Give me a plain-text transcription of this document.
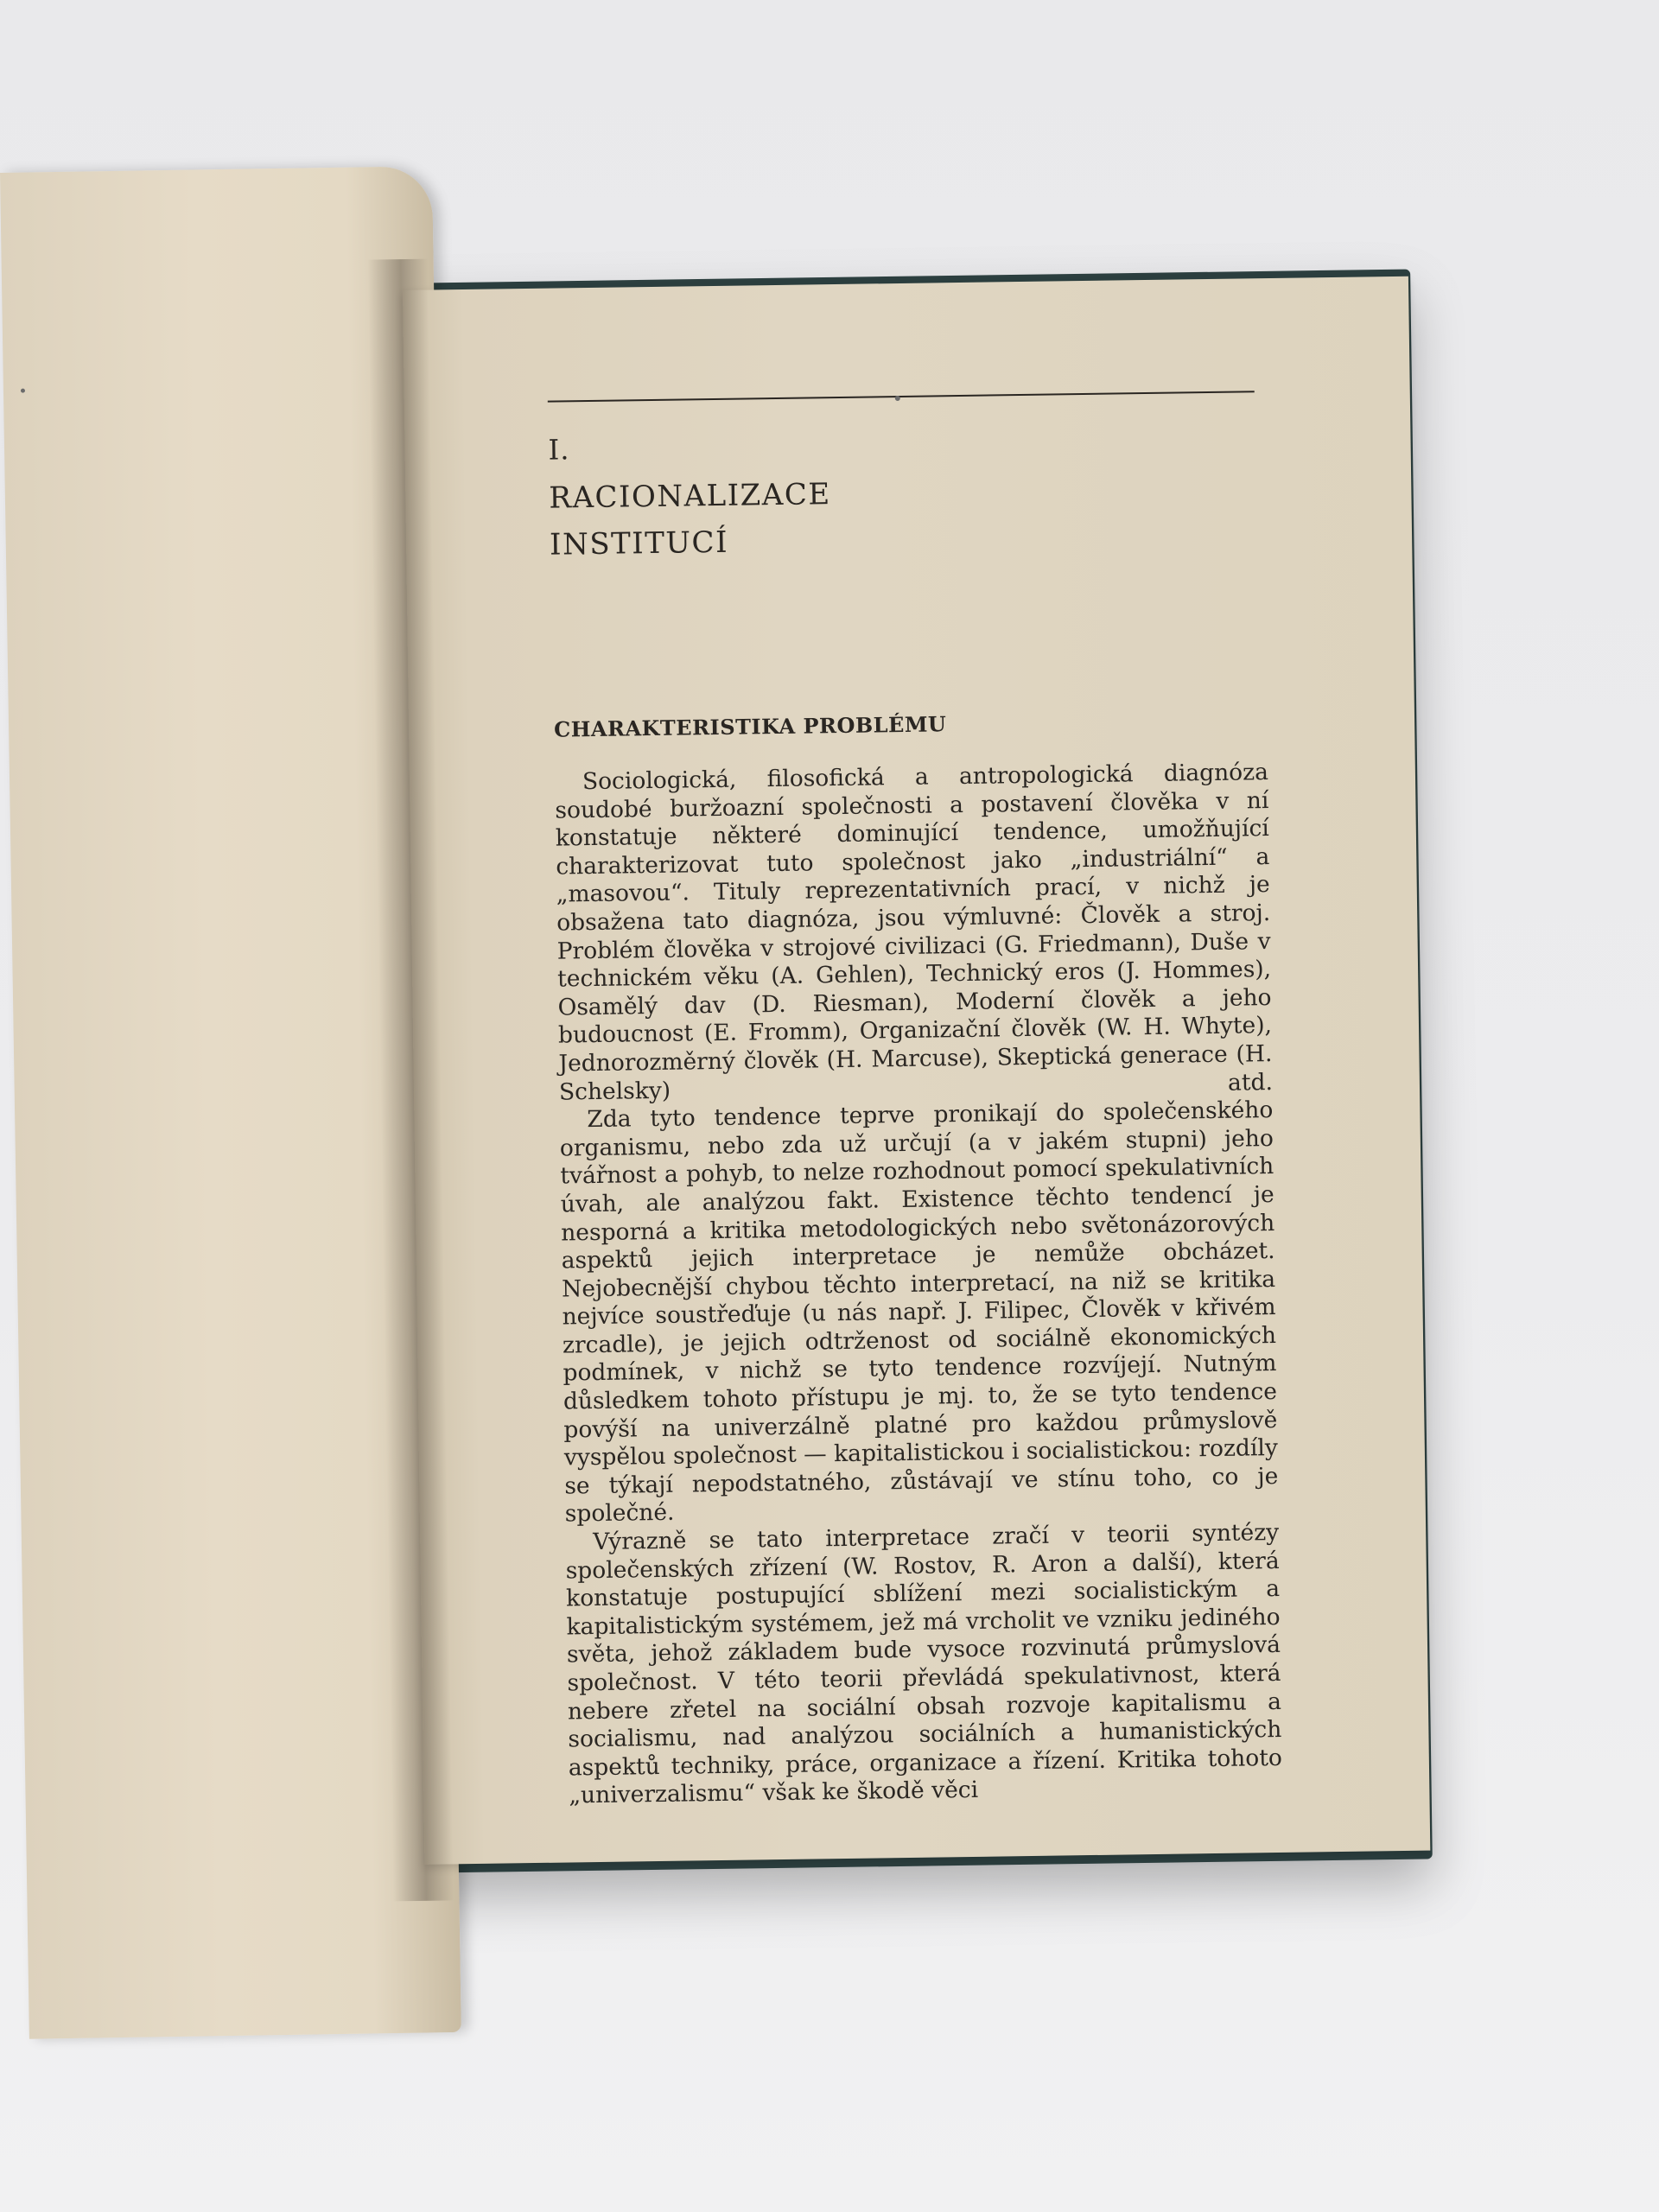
I.
RACIONALIZACE
INSTITUCÍ
CHARAKTERISTIKA PROBLÉMU

Sociologická, filosofická a antropologická diagnóza soudobé buržoazní společnosti a postavení člověka v ní konstatuje některé dominující tendence, umožňující charakterizovat tuto společnost jako „industriální“ a „masovou“. Tituly reprezentativních prací, v nichž je obsažena tato diagnóza, jsou výmluvné: Člověk a stroj. Problém člověka v strojové civilizaci (G. Friedmann), Duše v technickém věku (A. Gehlen), Technický eros (J. Hommes), Osamělý dav (D. Riesman), Moderní člověk a jeho budoucnost (E. Fromm), Organizační člověk (W. H. Whyte), Jednorozměrný člověk (H. Marcuse), Skeptická generace (H. Schelsky) atd.

Zda tyto tendence teprve pronikají do společenského organismu, nebo zda už určují (a v jakém stupni) jeho tvářnost a pohyb, to nelze rozhodnout pomocí spekulativních úvah, ale analýzou fakt. Existence těchto tendencí je nesporná a kritika metodologických nebo světonázorových aspektů jejich interpretace je nemůže obcházet. Nejobecnější chybou těchto interpretací, na niž se kritika nejvíce soustřeďuje (u nás např. J. Filipec, Člověk v křivém zrcadle), je jejich odtrženost od sociálně ekonomických podmínek, v nichž se tyto tendence rozvíjejí. Nutným důsledkem tohoto přístupu je mj. to, že se tyto tendence povýší na univerzálně platné pro každou průmyslově vyspělou společnost — kapitalistickou i socialistickou: rozdíly se týkají nepodstatného, zůstávají ve stínu toho, co je společné.

Výrazně se tato interpretace zračí v teorii syntézy společenských zřízení (W. Rostov, R. Aron a další), která konstatuje postupující sblížení mezi socialistickým a kapitalistickým systémem, jež má vrcholit ve vzniku jediného světa, jehož základem bude vysoce rozvinutá průmyslová společnost. V této teorii převládá spekulativnost, která nebere zřetel na sociální obsah rozvoje kapitalismu a socialismu, nad analýzou sociálních a humanistických aspektů techniky, práce, organizace a řízení. Kritika tohoto „univerzalismu“ však ke škodě věci
